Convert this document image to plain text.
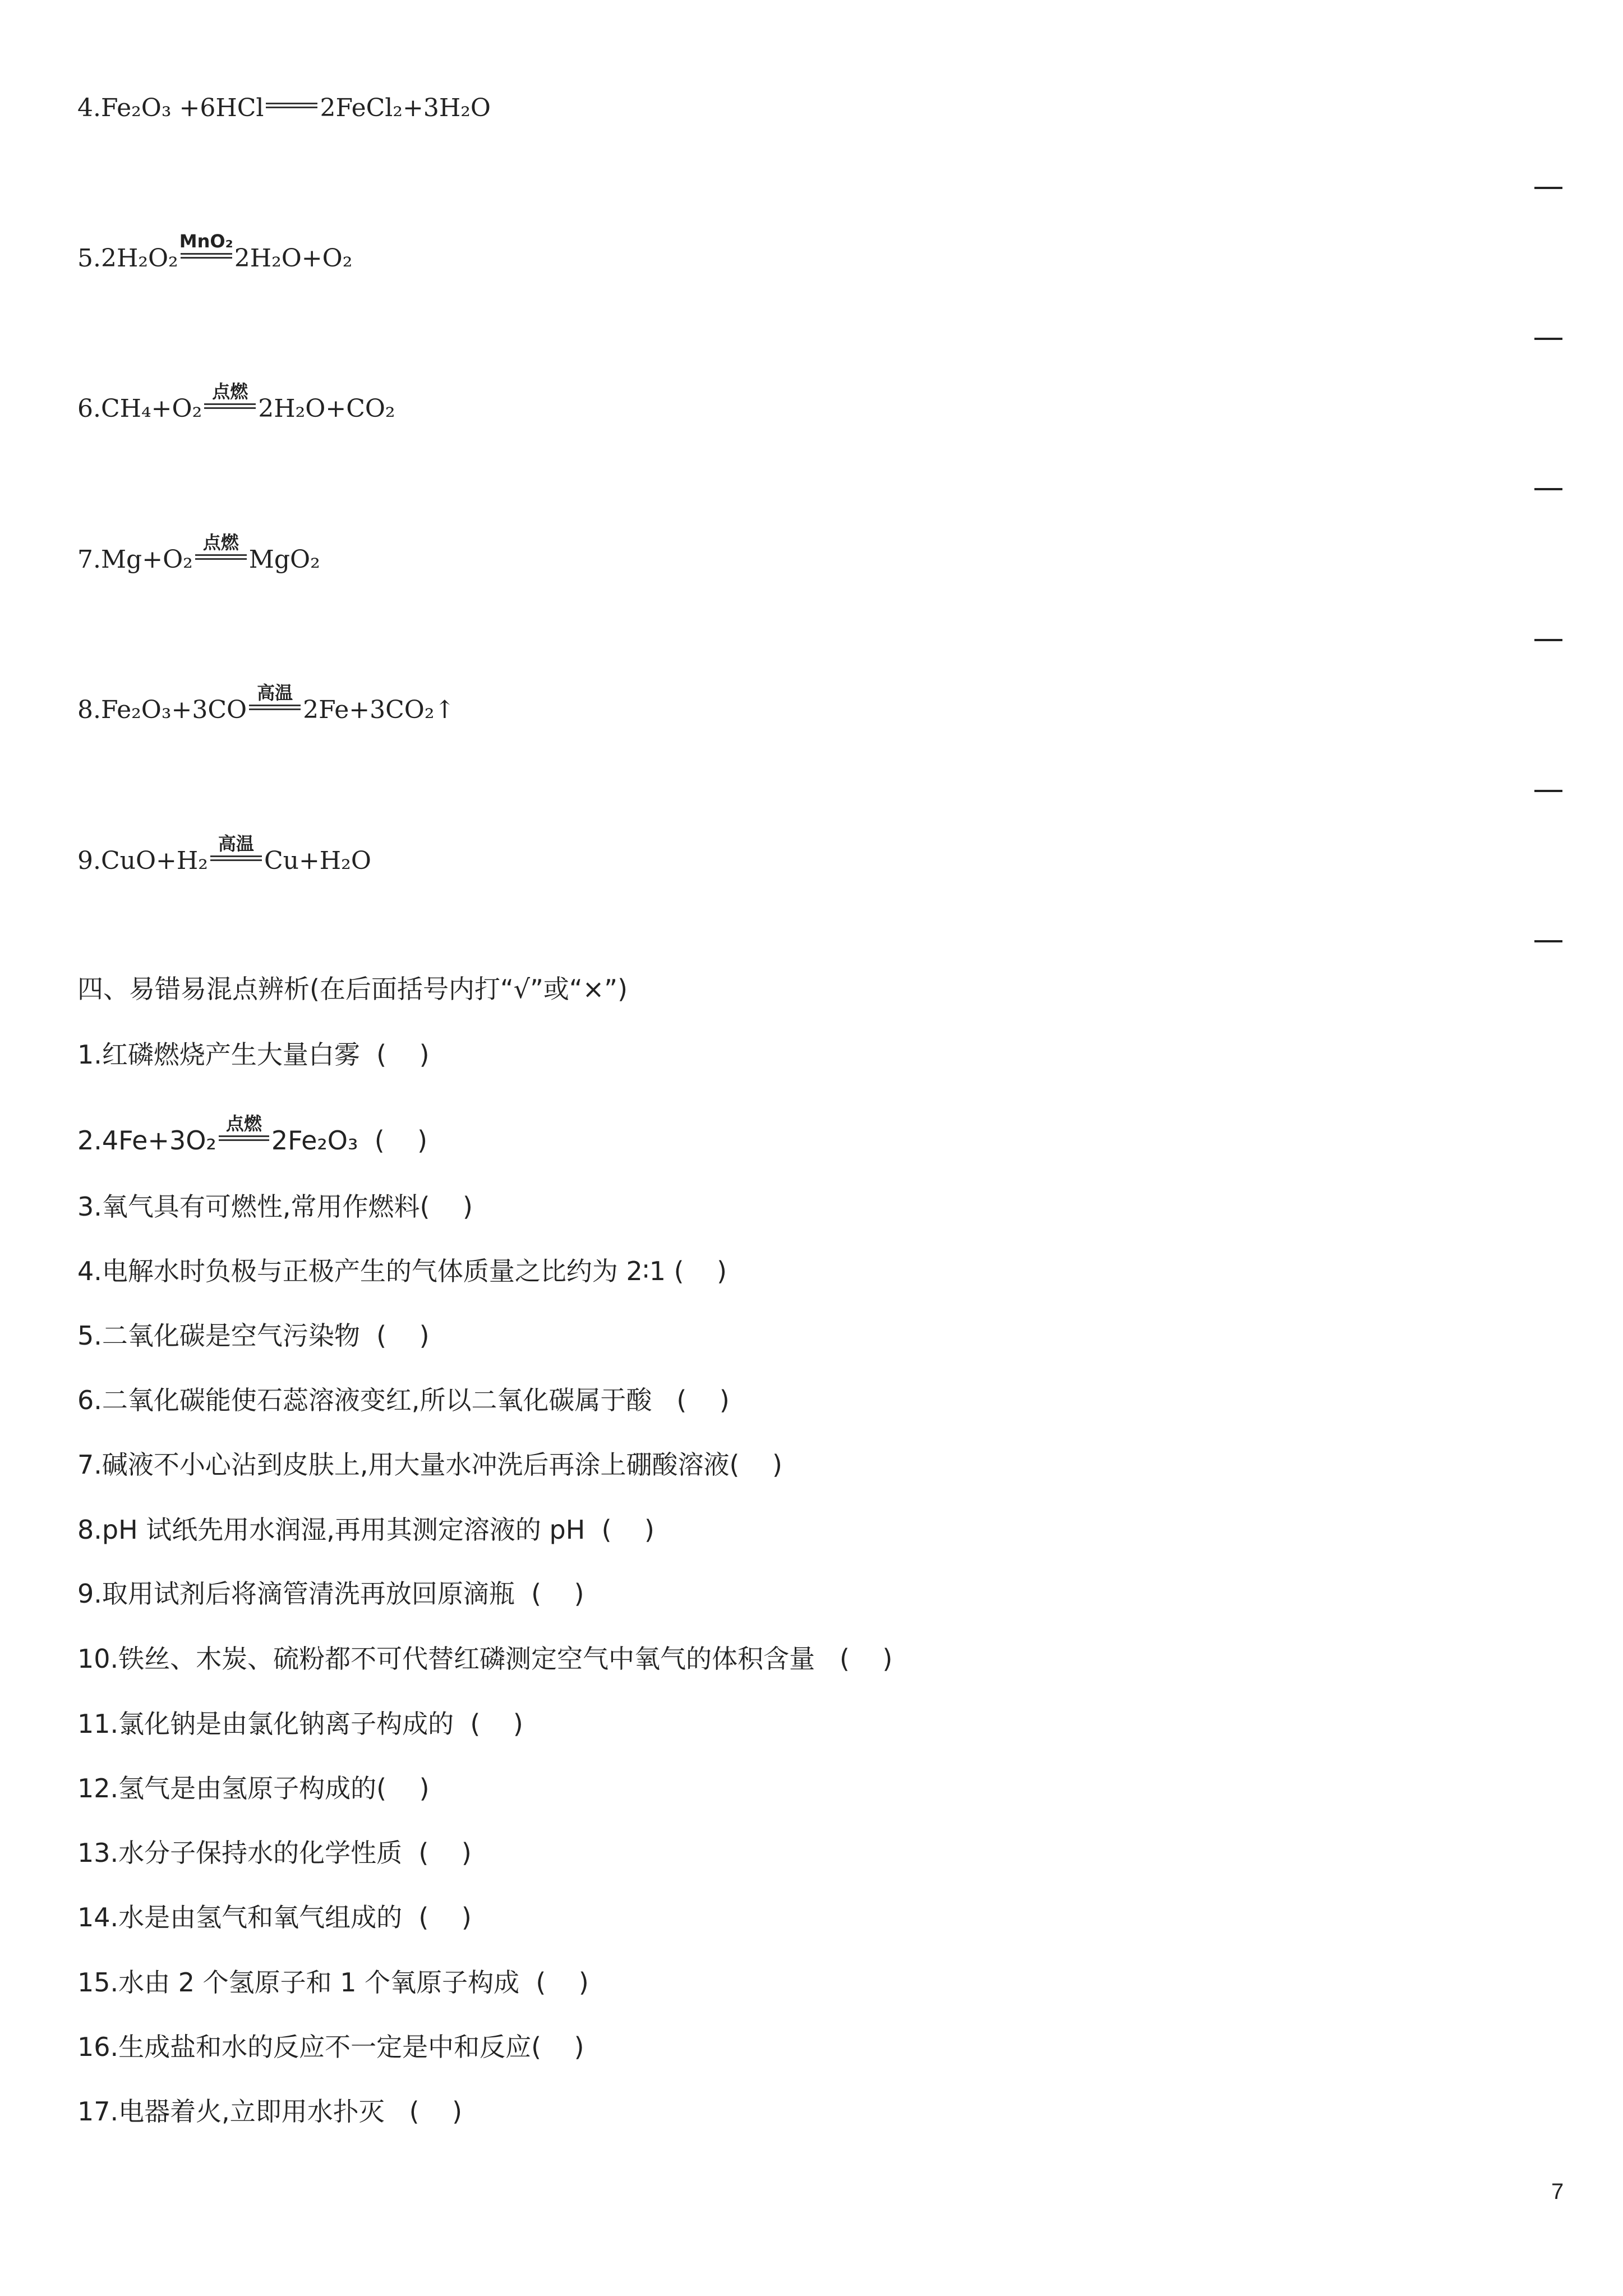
4.Fe₂O₃ +6HCl 2FeCl₂+3H₂O
5.2H₂O₂
MnO₂
2H₂O+O₂
6.CH₄+O₂
点燃
2H₂O+CO₂
7.Mg+O₂
点燃
MgO₂
8.Fe₂O₃+3CO
高温
2Fe+3CO₂↑
9.CuO+H₂
高温
Cu+H₂O
四、易错易混点辨析(在后面括号内打“√”或“×”)
1.红磷燃烧产生大量白雾  (    )
2.4Fe+3O₂
点燃
2Fe₂O₃  (    )
3.氧气具有可燃性,常用作燃料(    )
4.电解水时负极与正极产生的气体质量之比约为 2∶1 (    )
5.二氧化碳是空气污染物  (    )
6.二氧化碳能使石蕊溶液变红,所以二氧化碳属于酸   (    )
7.碱液不小心沾到皮肤上,用大量水冲洗后再涂上硼酸溶液(    )
8.pH 试纸先用水润湿,再用其测定溶液的 pH  (    )
9.取用试剂后将滴管清洗再放回原滴瓶  (    )
10.铁丝、木炭、硫粉都不可代替红磷测定空气中氧气的体积含量   (    )
11.氯化钠是由氯化钠离子构成的  (    )
12.氢气是由氢原子构成的(    )
13.水分子保持水的化学性质  (    )
14.水是由氢气和氧气组成的  (    )
15.水由 2 个氢原子和 1 个氧原子构成  (    )
16.生成盐和水的反应不一定是中和反应(    )
17.电器着火,立即用水扑灭   (    )
7
